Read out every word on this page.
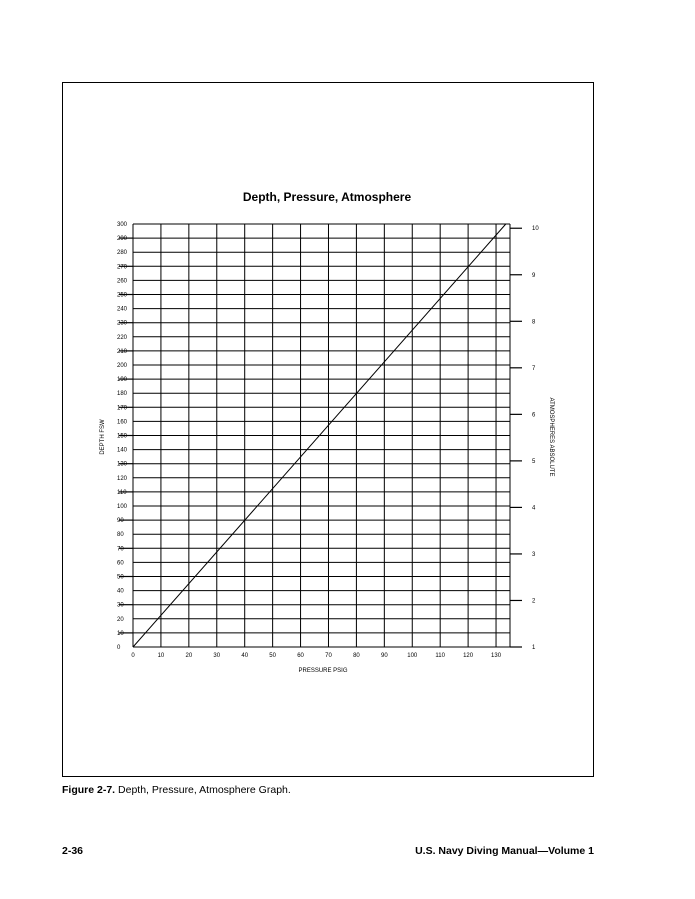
Depth, Pressure, Atmosphere
0
10
20
30
40
50
60
70
80
90
100
110
120
130
140
150
160
170
180
190
200
210
220
230
240
250
260
270
280
290
300
1
2
3
4
5
6
7
8
9
10
0	10	20	30	40	50	60	70	80	90	100	110	120	130
PRESSURE PSIG
DEPTH FSW	ATMOSPHERES ABSOLUTE
Figure 2-7. Depth, Pressure, Atmosphere Graph.
2-36	U.S. Navy Diving Manual—Volume 1
